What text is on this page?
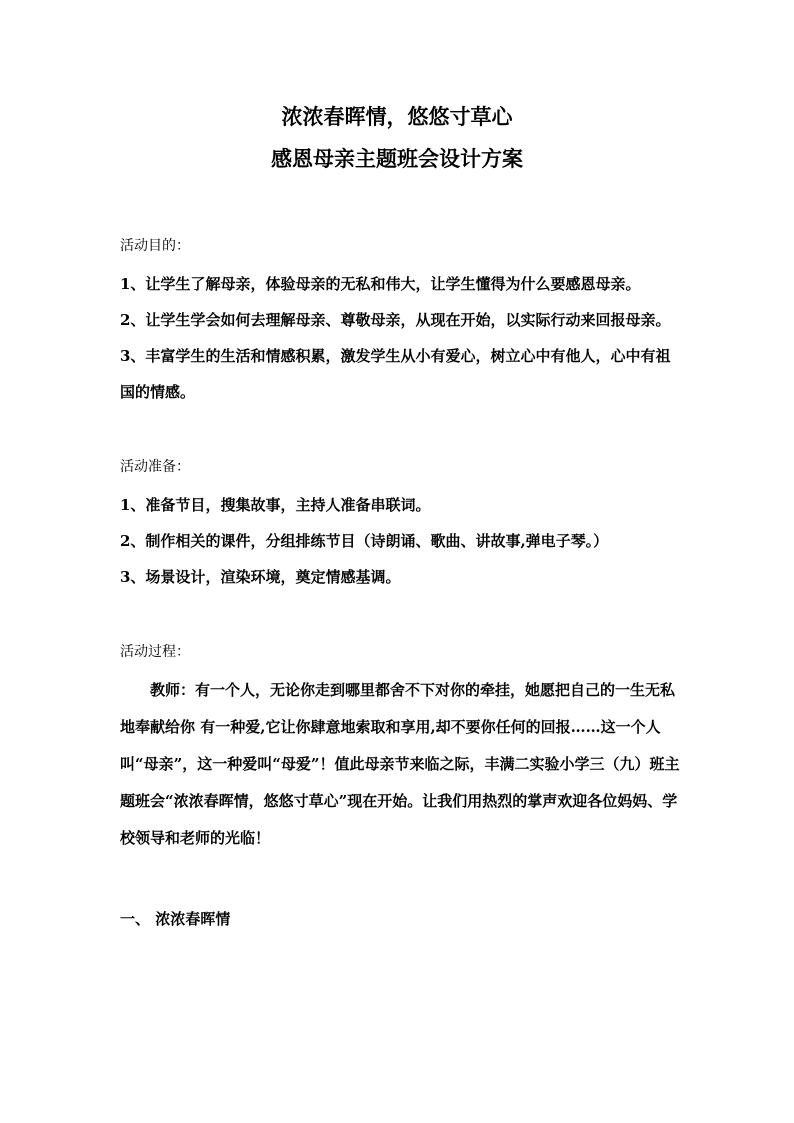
浓浓春晖情，悠悠寸草心
感恩母亲主题班会设计方案

活动目的：

1、让学生了解母亲，体验母亲的无私和伟大，让学生懂得为什么要感恩母亲。

2、让学生学会如何去理解母亲、尊敬母亲，从现在开始，以实际行动来回报母亲。

3、丰富学生的生活和情感积累，激发学生从小有爱心，树立心中有他人，心中有祖国的情感。

活动准备：

1、准备节目，搜集故事，主持人准备串联词。

2、制作相关的课件，分组排练节目（诗朗诵、歌曲、讲故事,弹电子琴。）

3、场景设计，渲染环境，奠定情感基调。

活动过程：

教师：有一个人，无论你走到哪里都舍不下对你的牵挂，她愿把自己的一生无私地奉献给你 有一种爱,它让你肆意地索取和享用,却不要你任何的回报……这一个人叫“母亲”，这一种爱叫“母爱”！值此母亲节来临之际，丰满二实验小学三（九）班主题班会“浓浓春晖情，悠悠寸草心”现在开始。让我们用热烈的掌声欢迎各位妈妈、学校领导和老师的光临！

一、 浓浓春晖情
